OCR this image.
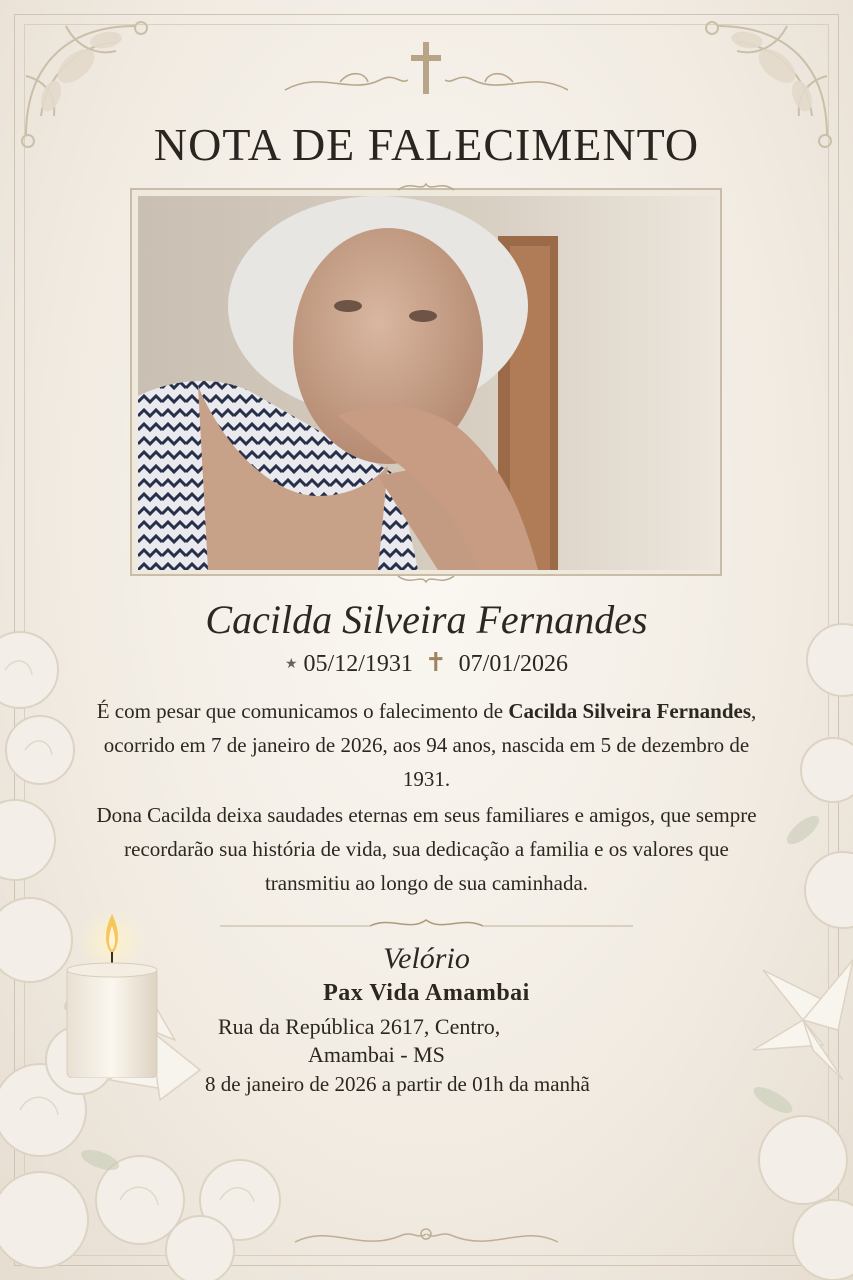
NOTA DE FALECIMENTO
Cacilda Silveira Fernandes
★ 05/12/1931 ✝ 07/01/2026
É com pesar que comunicamos o falecimento de Cacilda Silveira Fernandes, ocorrido em 7 de janeiro de 2026, aos 94 anos, nascida em 5 de dezembro de 1931.
Dona Cacilda deixa saudades eternas em seus familiares e amigos, que sempre recordarão sua história de vida, sua dedicação a familia e os valores que transmitiu ao longo de sua caminhada.
Velório
Pax Vida Amambai
Rua da República 2617, Centro,
Amambai - MS
8 de janeiro de 2026 a partir de 01h da manhã
